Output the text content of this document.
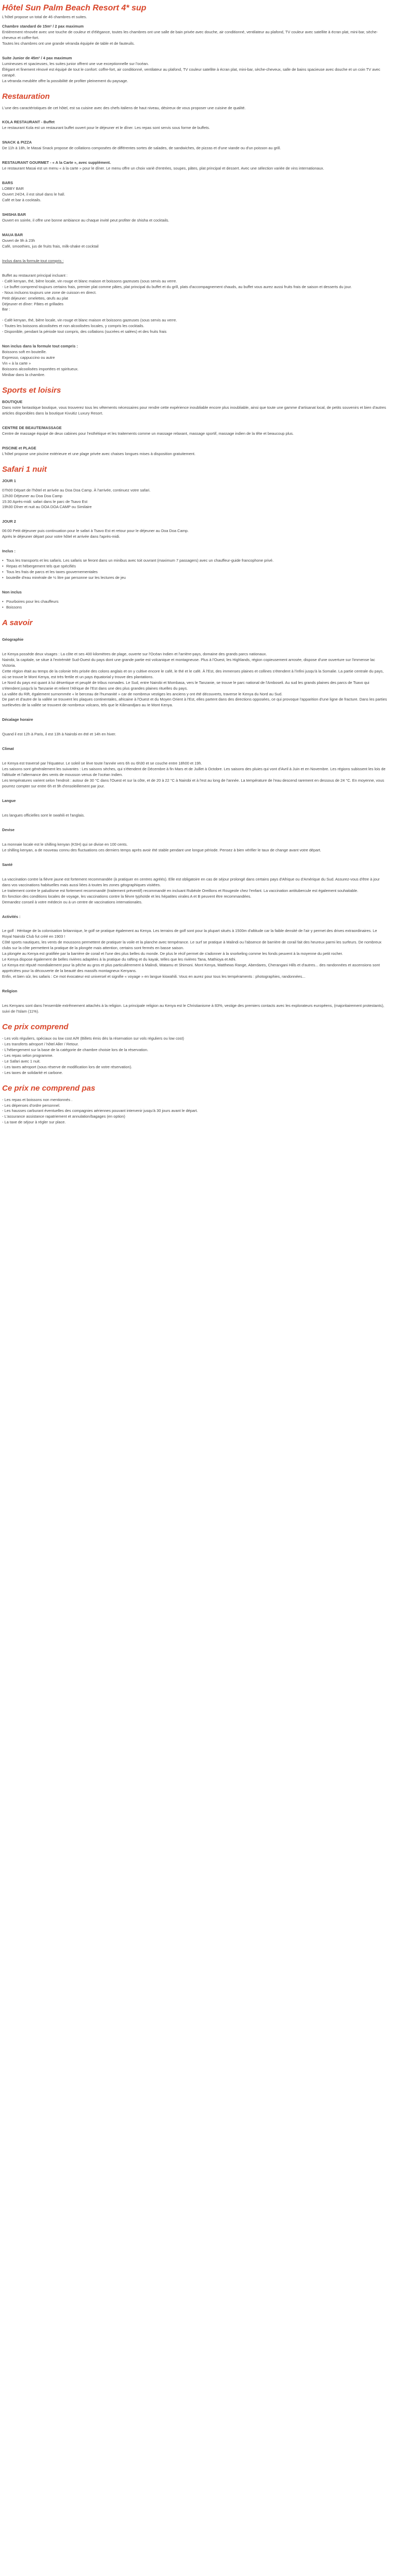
Hôtel Sun Palm Beach Resort 4* sup

L'hôtel propose un total de 46 chambres et suites.

Chambre standard de 15m² / 2 pax maximum

Entièrement rénovée avec une touche de couleur et d'élégance, toutes les chambres ont une salle de bain privée avec douche, air conditionné, ventilateur au plafond, TV couleur avec satellite à écran plat, mini-bar, sèche-cheveux et coffre-fort.

Toutes les chambres ont une grande véranda équipée de table et de fauteuils.

Suite Junior de 45m² / 4 pax maximum

Lumineuses et spacieuses, les suites junior offrent une vue exceptionnelle sur l'océan.

Élégant et finement rénové est équipé de tout le confort: coffre-fort, air conditionné, ventilateur au plafond, TV couleur satellite à écran plat, mini-bar, sèche-cheveux, salle de bains spacieuse avec douche et un coin TV avec canapé.

La véranda meublée offre la possibilité de profiter pleinement du paysage.

Restauration

L'une des caractéristiques de cet hôtel, est sa cuisine avec des chefs italiens de haut niveau, désireux de vous proposer une cuisine de qualité.

KOLA RESTAURANT - Buffet

Le restaurant Kola est un restaurant buffet ouvert pour le déjeuner et le dîner. Les repas sont servis sous forme de buffets.

SNACK & PIZZA

De 11h à 18h, le Masai Snack propose de collations composées de différentes sortes de salades, de sandwiches, de pizzas et d'une viande ou d'un poisson au grill.

RESTAURANT GOURMET - « A la Carte », avec supplément.

Le restaurant Masai est un menu « à la carte » pour le dîner. Le menu offre un choix varié d'entrées, soupes, pâtes, plat principal et dessert. Avec une sélection variée de vins internationaux.

BARS

LOBBY BAR
Ouvert 24/24, il est situé dans le hall.
Café et bar à cocktails.

SHISHA BAR

Ouvert en soirée, il offre une bonne ambiance au chaque invité peut profiter de shisha et cocktails.

MAUA BAR

Ouvert de 9h à 23h
Café, smoothies, jus de fruits frais, milk-shake et cocktail

Inclus dans la formule tout compris :

Buffet au restaurant principal incluant :

- Café kenyan, thé, bière locale, vin rouge et blanc maison et boissons gazeuses (sous servis au verre.

- Le buffet comprend toujours certains frais, premier plat comme pâtes, plat principal du buffet et du grill, plats d'accompagnement chauds, au buffet vous aurez aussi fruits frais de saison et desserts du jour.

- Nous incluons toujours une zone de cuisson en direct.

Petit déjeuner: omelettes, œufs au plat

Déjeuner et dîner: Pâtes et grillades

Bar :

- Café kenyan, thé, bière locale, vin rouge et blanc maison et boissons gazeuses (sous servis au verre.

- Toutes les boissons alcoolisées et non alcoolisées locales, y compris les cocktails.

- Disponible, pendant la période tout compris, des collations (sucrées et salées) et des fruits frais

Non inclus dans la formule tout compris :

Boissons soft en bouteille.

Expresso, cappuccino ou autre

Vin « à la carte »

Boissons alcoolisées importées et spiritueux.

Minibar dans la chambre.

Sports et loisirs

BOUTIQUE

Dans notre fantastique boutique, vous trouverez tous les vêtements nécessaires pour rendre cette expérience inoubliable encore plus inoubliable, ainsi que toute une gamme d'artisanat local, de petits souvenirs et bien d'autres articles disponibles dans la boutique Kivuitiz Luxury Resort.

CENTRE DE BEAUTE/MASSAGE

Centre de massage équipé de deux cabines pour l'esthétique et les traitements comme un massage relaxant, massage sportif, massage indien de la tête et beaucoup plus.

PISCINE et PLAGE

L'hôtel propose une piscine extérieure et une plage privée avec chaises longues mises à disposition gratuitement.

Safari 1 nuit

JOUR 1

07h00 Départ de l'hôtel et arrivée au Doa Doa Camp. À l'arrivée, continuez votre safari.

12h30 Déjeuner au Doa Doa Camp

15:30 Après-midi: safari dans le parc de Tsavo Est

19h30 Dîner et nuit au DOA DOA CAMP ou Similaire

JOUR 2

06:00 Petit déjeuner puis continuation pour le safari à Tsavo Est et retour pour le déjeuner au Doa Doa Camp.

Après le déjeuner départ pour votre hôtel et arrivée dans l'après-midi.

Inclus :

• Tous les transports et les safaris. Les safaris se feront dans un minibus avec toit ouvrant (maximum 7 passagers) avec un chauffeur-guide francophone privé.
• Repas et hébergement tels que spécifiés
• Tous les frais de parcs et les taxes gouvernementales
• bouteille d'eau minérale de ½ litre par personne sur les lectures de jeu

Non inclus

• Pourboires pour les chauffeurs
• Boissons
A savoir

Géographie

Le Kenya possède deux visages : La côte et ses 400 kilomètres de plage, ouverte sur l'Océan Indien et l'arrière-pays, domaine des grands parcs nationaux.

Nairobi, la capitale, se situe à l'extrémité Sud-Ouest du pays dont une grande partie est volcanique et montagneuse. Plus à l'Ouest, les Highlands, région copieusement arrosée, dispose d'une ouverture sur l'immense lac Victoria.

Cette région était au temps de la colonie très prisée des colons anglais et on y cultive encore le café, le thé et le café. À l'Est, des immenses plaines et collines s'étendent à l'infini jusqu'à la Somalie. La partie centrale du pays, où se trouve le Mont Kenya, est très fertile et un pays équatorial y trouve des plantations.

Le Nord du pays est quant à lui désertique et peuplé de tribus nomades. Le Sud, entre Nairobi et Mombasa, vers le Tanzanie, se trouve le parc national de l'Amboseli. Au sud les grands plaines des parcs de Tsavo qui s'étendent jusqu'à la Tanzanie et relient l'Afrique de l'Est dans une des plus grandes plaines rituelles du pays.

La vallée du Rift, également surnommée « le berceau de l'humanité » car de nombreux vestiges les anciens y ont été découverts, traverse le Kenya du Nord au Sud.

De part et d'autre de la vallée se trouvent les plaques continentales, africaine à l'Ouest et du Moyen Orient à l'Est, elles partent dans des directions opposées, ce qui provoque l'apparition d'une ligne de fracture. Dans les parties surélevées de la vallée se trouvent de nombreux volcans, tels que le Kilimandjaro au Ie Mont Kenya.

Décalage horaire

Quand il est 12h à Paris, il est 13h à Nairobi en été et 14h en hiver.

Climat

Le Kenya est traversé par l'équateur. Le soleil se lève toute l'année vers 6h ou 6h30 et se couche entre 18h00 et 19h.

Les saisons sont généralement les suivantes : Les saisons sèches, qui s'étendent de Décembre à fin Mars et de Juillet à Octobre. Les saisons des pluies qui vont d'Avril à Juin et en Novembre. Les régions subissent les lois de l'altitude et l'alternance des vents de mousson venus de l'océan Indien.

Les températures varient selon l'endroit : autour de 30 °C dans l'Ouest et sur la côte, et de 20 à 22 °C à Nairobi et à l'est au long de l'année. La température de l'eau descend rarement en dessous de 24 °C. En moyenne, vous pourrez compter sur entre 6h et 9h d'ensoleillement par jour.

Langue

Les langues officielles sont le swahili et l'anglais.

Devise

La monnaie locale est le shilling kenyan (KSH) qui se divise en 100 cents.

Le shilling kenyan, a de nouveau connu des fluctuations ces derniers temps après avoir été stable pendant une longue période. Pensez à bien vérifier le taux de change avant votre départ.

Santé

La vaccination contre la fièvre jaune est fortement recommandée (à pratiquer en centres agréés). Elle est obligatoire en cas de séjour prolongé dans certains pays d'Afrique ou d'Amérique du Sud. Assurez-vous d'être à jour dans vos vaccinations habituelles mais aussi liées à toutes les zones géographiques visitées.

Le traitement contre le paludisme est fortement recommandé (traitement préventif) recommandé en incluant Rubéole Oreillons et Rougeole chez l'enfant. La vaccination antitubercule est également souhaitable.

En fonction des conditions locales de voyage, les vaccinations contre la fièvre typhoïde et les hépatites virales A et B peuvent être recommandées.

Demandez conseil à votre médecin ou à un centre de vaccinations internationales.

Activités :

Le golf : Héritage de la colonisation britannique, le golf se pratique également au Kenya. Les terrains de golf sont pour la plupart situés à 1500m d'altitude car la faible densité de l'air y permet des drives extraordinaires. Le Royal Nairobi Club fut créé en 1903 !

Côté sports nautiques, les vents de moussons permettent de pratiquer la voile et la planche avec tempérance. Le surf se pratique à Malindi ou l'absence de barrière de corail fait des heureux parmi les surfeurs. De nombreux clubs sur la côte permettent la pratique de la plongée mais attention, certains sont fermés en basse saison.

La plongée au Kenya est gratifiée par la barrière de corail et l'une des plus belles du monde. De plus le récif permet de s'adonner à la snorkeling comme les fonds peuvent à la moyenne du petit rocher.

Le Kenya dispose également de belles rivières adaptées à la pratique du rafting et du kayak, telles que les rivières Tana, Mathioya et Athi.

Le Kenya est réputé mondialement pour la pêche au gros et plus particulièrement à Malindi, Watamu et Shimoni. Mont Kenya, Matthews Range, Aberdares, Cherangani Hills et d'autres... des randonnées et ascensions sont appréciées pour la découverte de la beauté des massifs montagneux Kenyans.

Enfin, et bien sûr, les safaris : Ce mot évocateur est universel et signifie « voyage » en langue kiswahili. Vous en aurez pour tous les tempéraments : photographies, randonnées...

Religion

Les Kenyans sont dans l'ensemble extrêmement attachés à la religion. La principale religion au Kenya est le Christianisme à 83%, vestige des premiers contacts avec les explorateurs européens, (majoritairement protestants), suivi de l'Islam (11%).

Ce prix comprend

- Les vols réguliers, spéciaux ou low cost A/R (Billets émis dès la réservation sur vols réguliers ou low cost)

- Les transferts aéroport / hôtel Aller / Retour.

- L'hébergement sur la base de la catégorie de chambre choisie lors de la réservation.

- Les repas selon programme.

- Le Safari avec 1 nuit.

- Les taxes aéroport (sous réserve de modification lors de votre réservation).

- Les taxes de solidarité et carbone.

Ce prix ne comprend pas

- Les repas et boissons non mentionnés .

- Les dépenses d'ordre personnel.

- Les hausses carburant éventuelles des compagnies aériennes pouvant intervenir jusqu'à 30 jours avant le départ.

- L'assurance assistance rapatriement et annulation/bagages (en option)

- La taxe de séjour à régler sur place.
